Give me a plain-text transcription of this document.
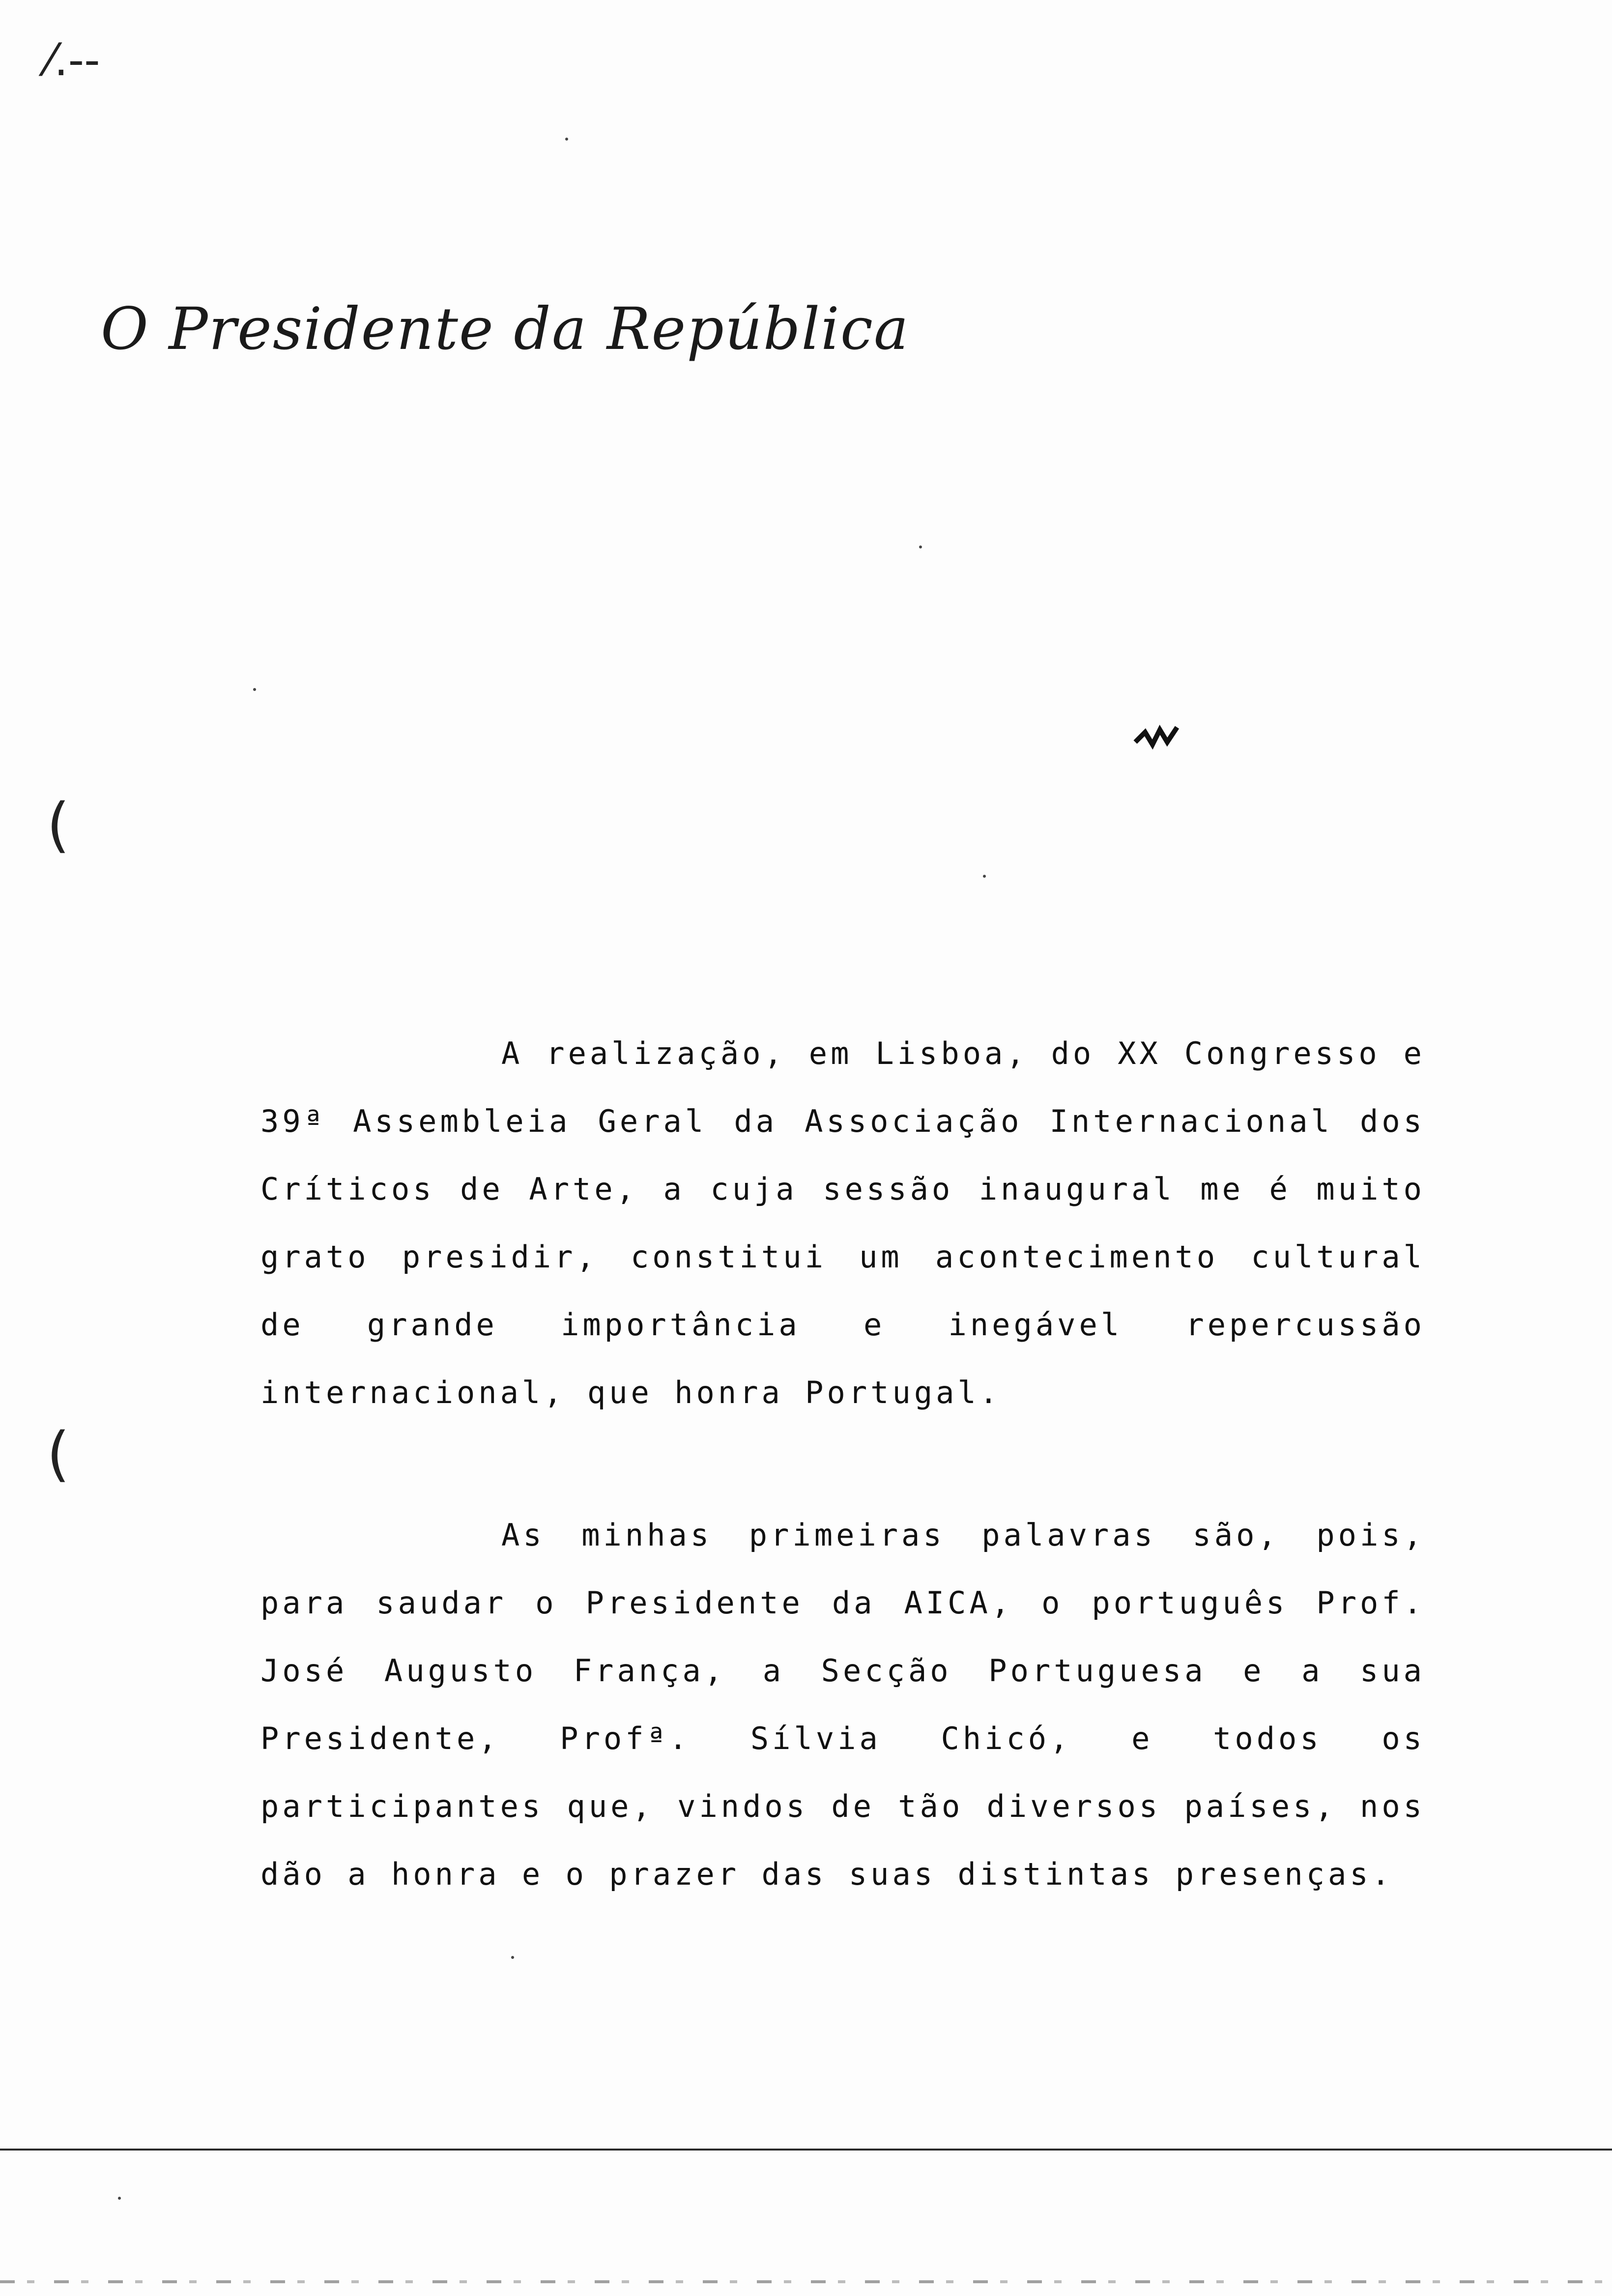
⁄.--
O Presidente da República
(
(

A realização, em Lisboa, do XX Congresso e 39ª Assembleia Geral da Associação Internacional dos Críticos de Arte, a cuja sessão inaugural me é muito grato presidir, constitui um acontecimento cultural de grande importância e inegável repercussão internacional, que honra Portugal.

As minhas primeiras palavras são, pois, para saudar o Presidente da AICA, o português Prof. José Augusto França, a Secção Portuguesa e a sua Presidente, Profª. Sílvia Chicó, e todos os participantes que, vindos de tão diversos países, nos dão a honra e o prazer das suas distintas presenças.
